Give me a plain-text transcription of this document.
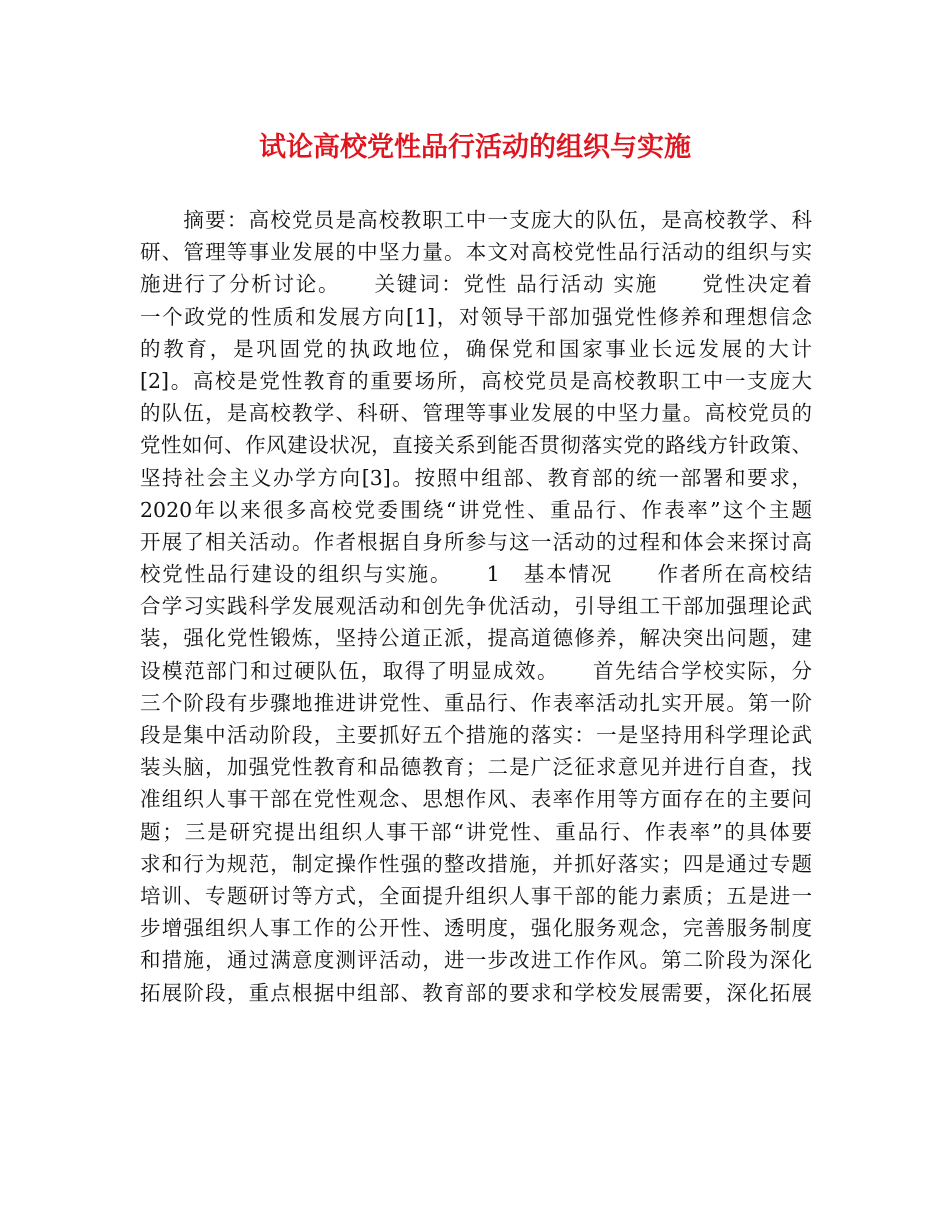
试论高校党性品行活动的组织与实施
　　摘要：高校党员是高校教职工中一支庞大的队伍，是高校教学、科
研、管理等事业发展的中坚力量。本文对高校党性品行活动的组织与实
施进行了分析讨论。　　关键词：党性 品行活动 实施　　党性决定着
一个政党的性质和发展方向[1]，对领导干部加强党性修养和理想信念
的教育，是巩固党的执政地位，确保党和国家事业长远发展的大计
[2]。高校是党性教育的重要场所，高校党员是高校教职工中一支庞大
的队伍，是高校教学、科研、管理等事业发展的中坚力量。高校党员的
党性如何、作风建设状况，直接关系到能否贯彻落实党的路线方针政策、
坚持社会主义办学方向[3]。按照中组部、教育部的统一部署和要求，
2020年以来很多高校党委围绕“讲党性、重品行、作表率”这个主题
开展了相关活动。作者根据自身所参与这一活动的过程和体会来探讨高
校党性品行建设的组织与实施。　　1　基本情况　　作者所在高校结
合学习实践科学发展观活动和创先争优活动，引导组工干部加强理论武
装，强化党性锻炼，坚持公道正派，提高道德修养，解决突出问题，建
设模范部门和过硬队伍，取得了明显成效。　　首先结合学校实际，分
三个阶段有步骤地推进讲党性、重品行、作表率活动扎实开展。第一阶
段是集中活动阶段，主要抓好五个措施的落实：一是坚持用科学理论武
装头脑，加强党性教育和品德教育；二是广泛征求意见并进行自查，找
准组织人事干部在党性观念、思想作风、表率作用等方面存在的主要问
题；三是研究提出组织人事干部“讲党性、重品行、作表率”的具体要
求和行为规范，制定操作性强的整改措施，并抓好落实；四是通过专题
培训、专题研讨等方式，全面提升组织人事干部的能力素质；五是进一
步增强组织人事工作的公开性、透明度，强化服务观念，完善服务制度
和措施，通过满意度测评活动，进一步改进工作作风。第二阶段为深化
拓展阶段，重点根据中组部、教育部的要求和学校发展需要，深化拓展
